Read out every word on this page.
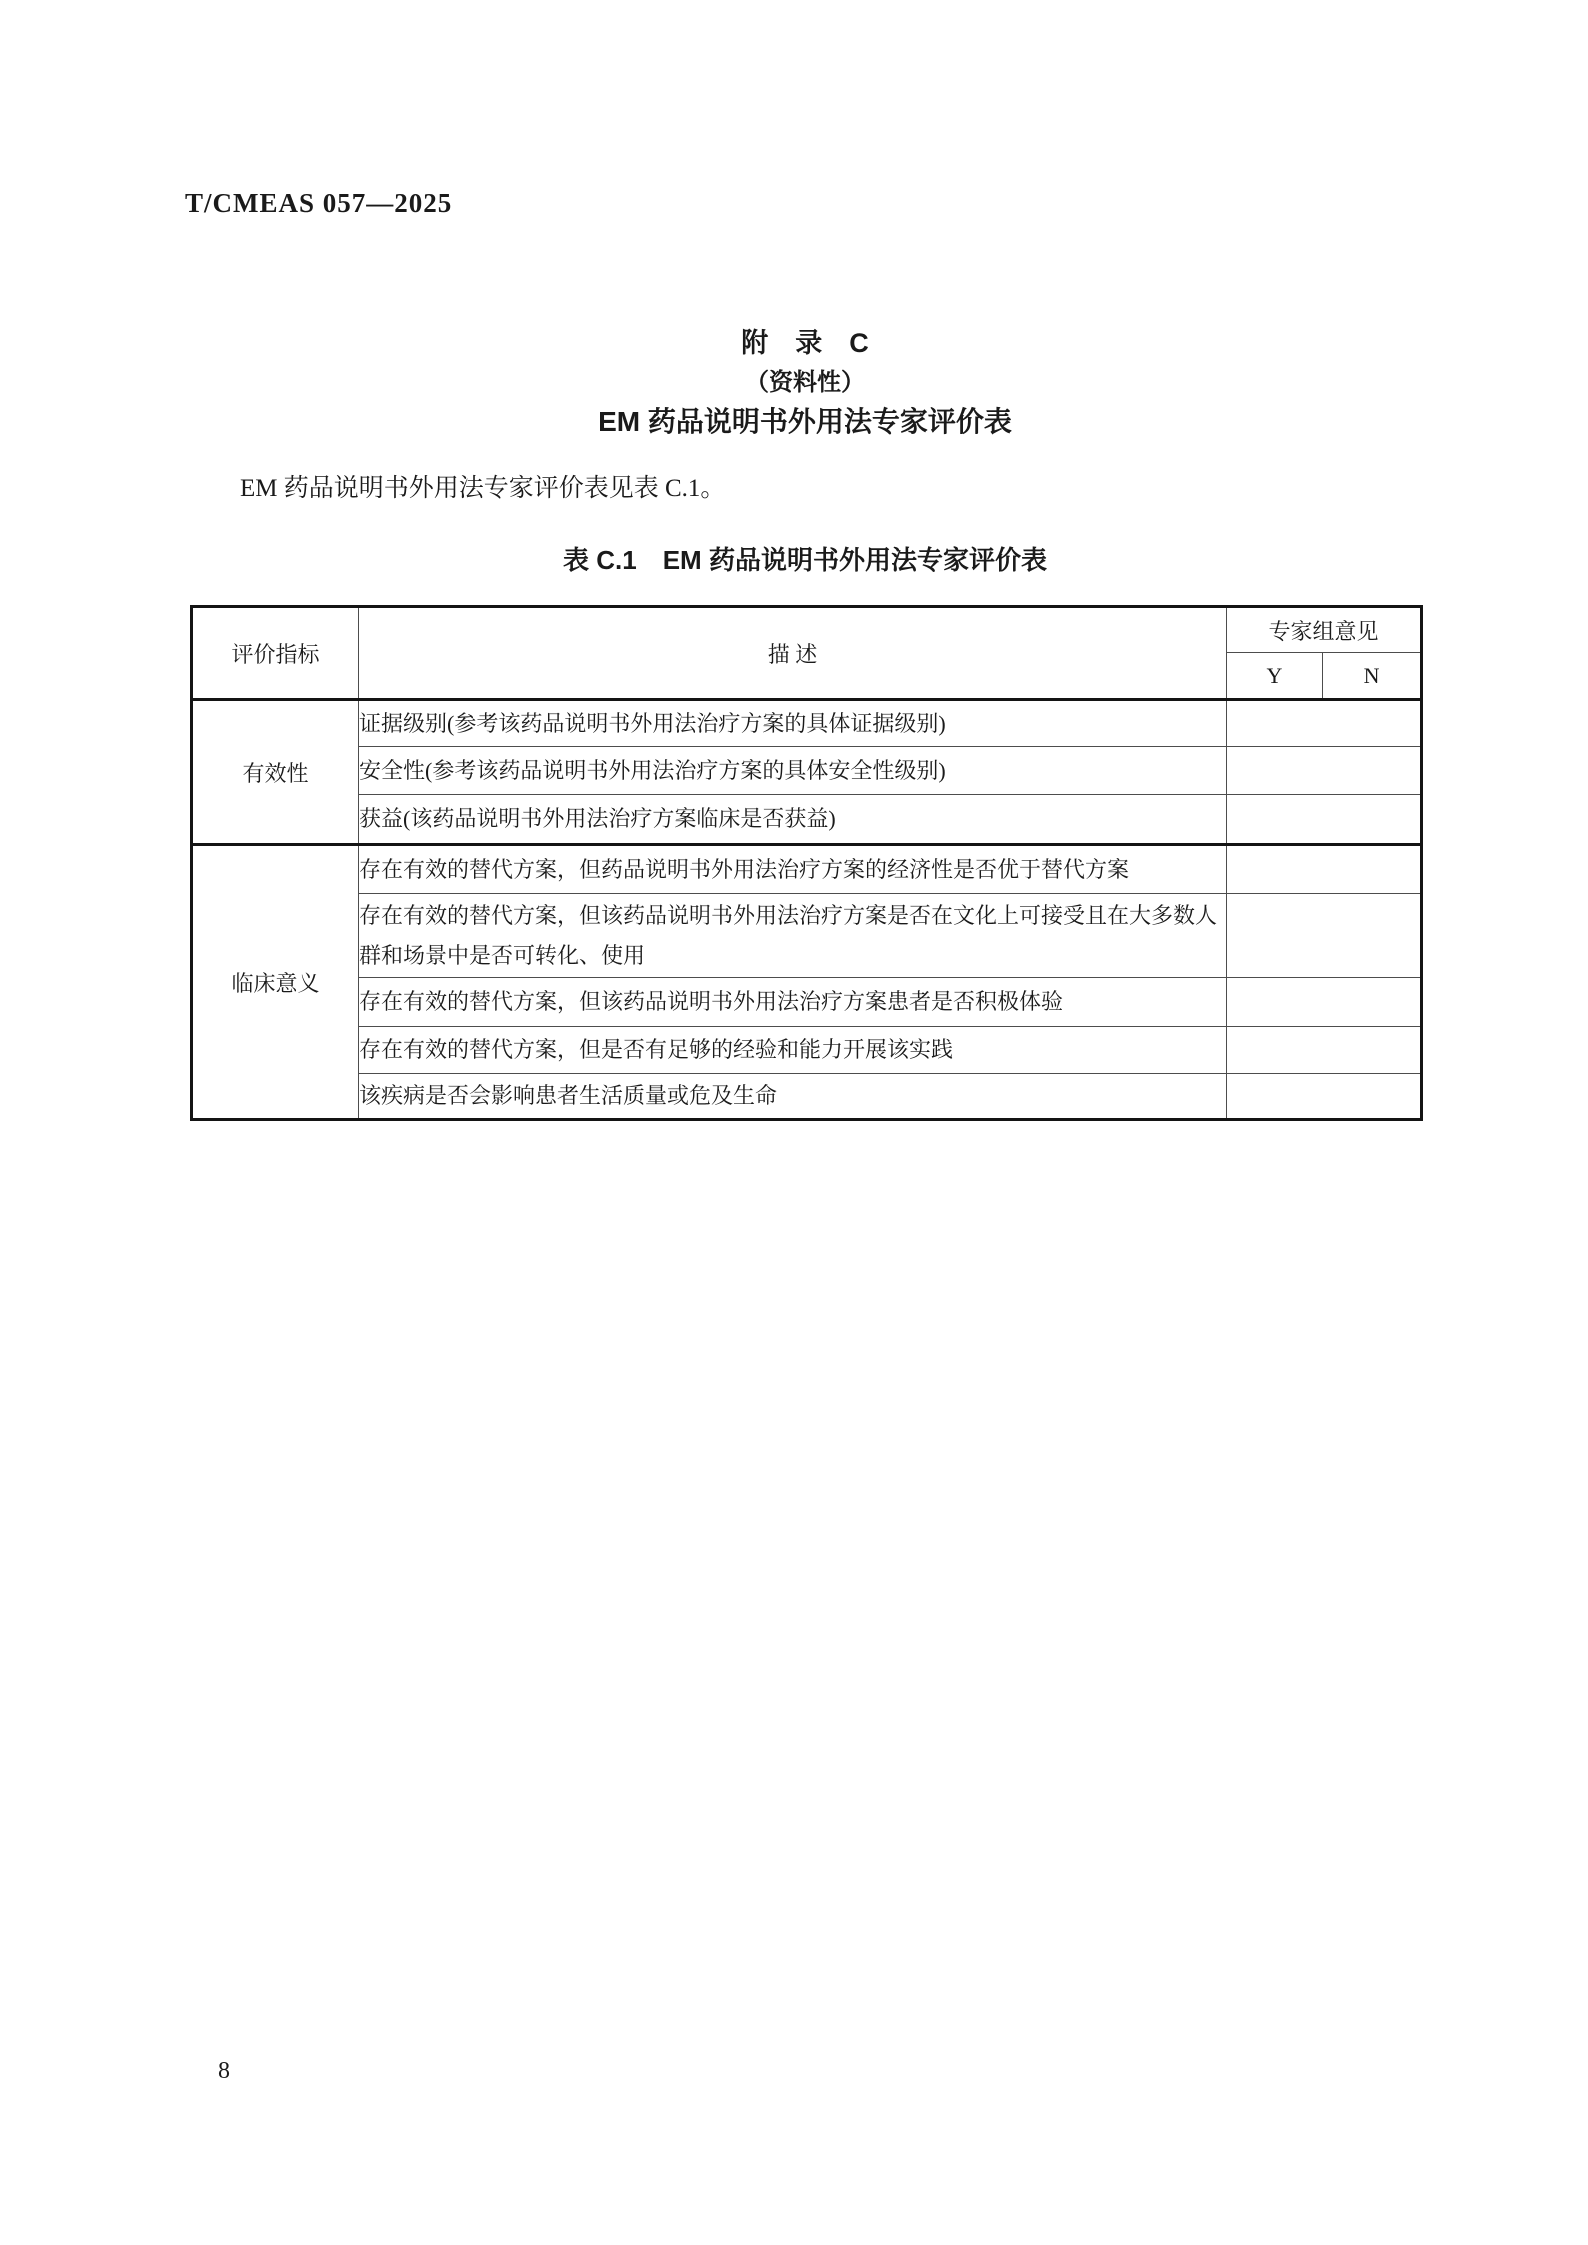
T/CMEAS 057—2025
附　录　C
（资料性）
EM 药品说明书外用法专家评价表

EM 药品说明书外用法专家评价表见表 C.1。

表 C.1　EM 药品说明书外用法专家评价表
评价指标	描 述	专家组意见	
		Y	N
有效性	证据级别(参考该药品说明书外用法治疗方案的具体证据级别)		
	安全性(参考该药品说明书外用法治疗方案的具体安全性级别)		
	获益(该药品说明书外用法治疗方案临床是否获益)		
临床意义	存在有效的替代方案，但药品说明书外用法治疗方案的经济性是否优于替代方案		
	存在有效的替代方案，但该药品说明书外用法治疗方案是否在文化上可接受且在大多数人群和场景中是否可转化、使用		
	存在有效的替代方案，但该药品说明书外用法治疗方案患者是否积极体验		
	存在有效的替代方案，但是否有足够的经验和能力开展该实践		
	该疾病是否会影响患者生活质量或危及生命		
8
